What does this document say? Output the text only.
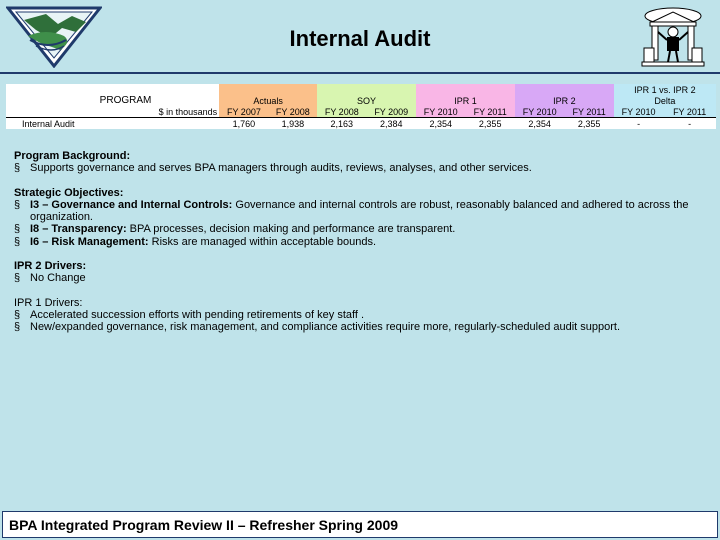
Internal Audit
										IPR 1 vs. IPR 2	
PROGRAM		Actuals		SOY		IPR 1		IPR 2		Delta	
	$ in thousands	FY 2007	FY 2008	FY 2008	FY 2009	FY 2010	FY 2011	FY 2010	FY 2011	FY 2010	FY 2011
Internal Audit		1,760	1,938	2,163	2,384	2,354	2,355	2,354	2,355	-	-
Program Background:
§ Supports governance and serves BPA managers through audits, reviews, analyses, and other services.
Strategic Objectives:
§ I3 – Governance and Internal Controls: Governance and internal controls are robust, reasonably balanced and adhered to across the organization.
§ I8 – Transparency: BPA processes, decision making and performance are transparent.
§ I6 – Risk Management: Risks are managed within acceptable bounds.
IPR 2 Drivers:
§ No Change
IPR 1 Drivers:
§ Accelerated succession efforts with pending retirements of key staff .
§ New/expanded governance, risk management, and compliance activities require more, regularly-scheduled audit support.
BPA Integrated Program Review II – Refresher Spring 2009
